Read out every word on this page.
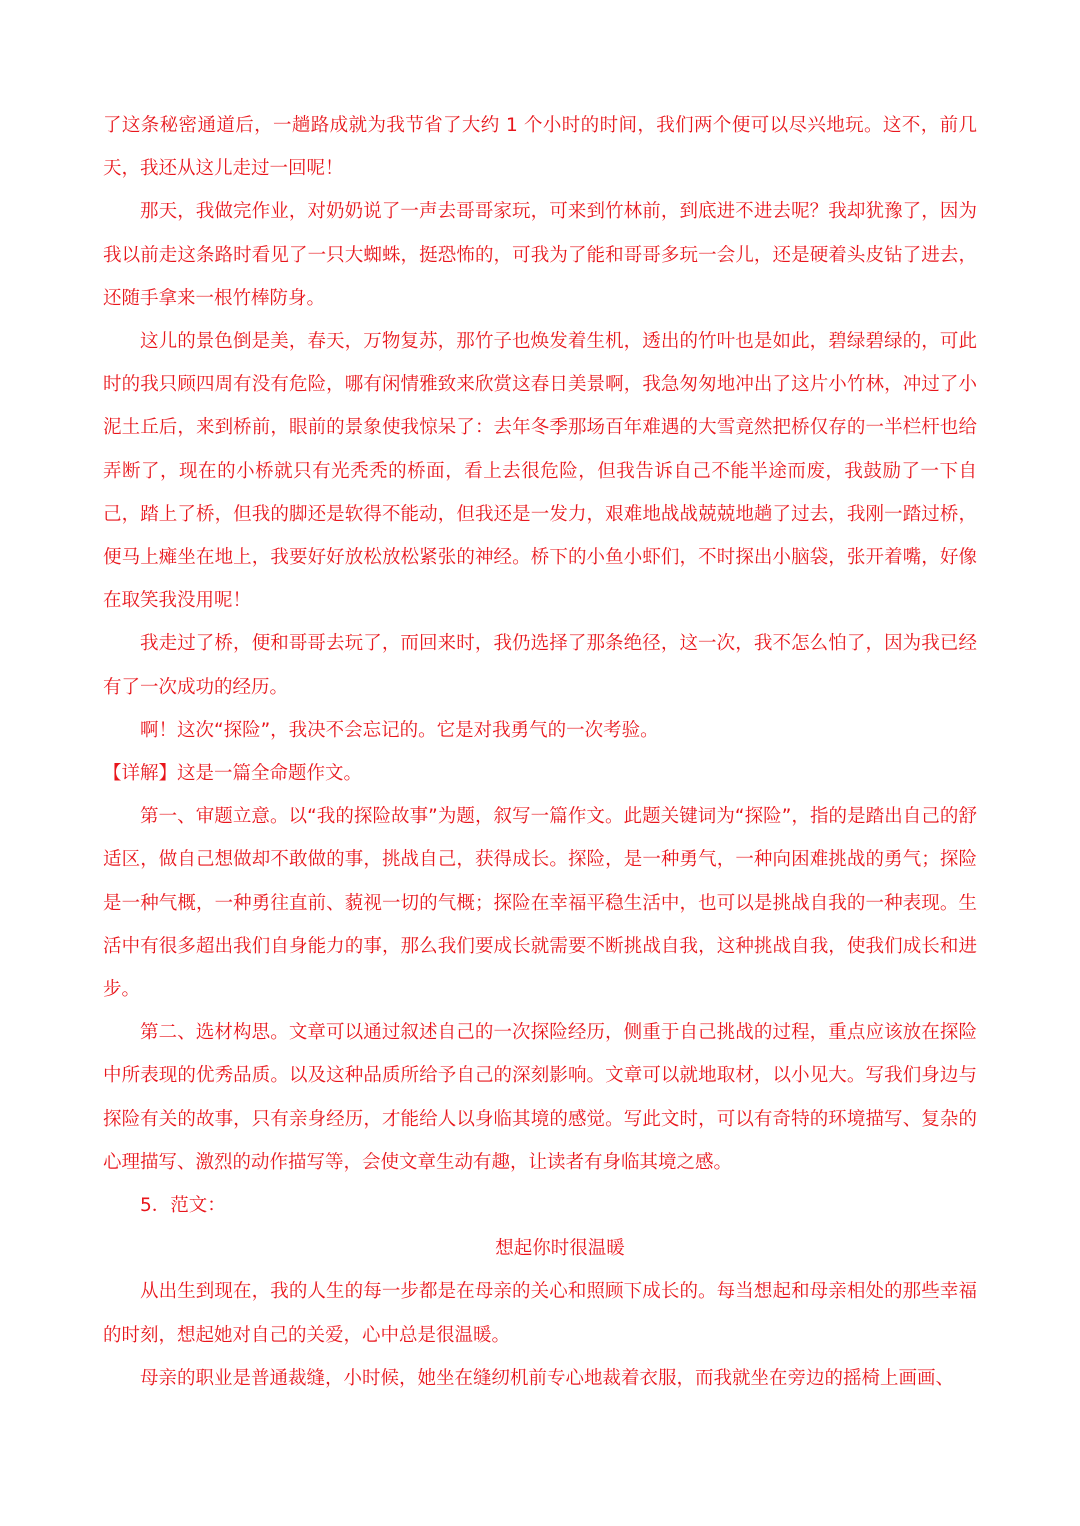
了这条秘密通道后，一趟路成就为我节省了大约 1 个小时的时间，我们两个便可以尽兴地玩。这不，前几天，我还从这儿走过一回呢！

那天，我做完作业，对奶奶说了一声去哥哥家玩，可来到竹林前，到底进不进去呢？我却犹豫了，因为我以前走这条路时看见了一只大蜘蛛，挺恐怖的，可我为了能和哥哥多玩一会儿，还是硬着头皮钻了进去，还随手拿来一根竹棒防身。

这儿的景色倒是美，春天，万物复苏，那竹子也焕发着生机，透出的竹叶也是如此，碧绿碧绿的，可此时的我只顾四周有没有危险，哪有闲情雅致来欣赏这春日美景啊，我急匆匆地冲出了这片小竹林，冲过了小泥土丘后，来到桥前，眼前的景象使我惊呆了：去年冬季那场百年难遇的大雪竟然把桥仅存的一半栏杆也给弄断了，现在的小桥就只有光秃秃的桥面，看上去很危险，但我告诉自己不能半途而废，我鼓励了一下自己，踏上了桥，但我的脚还是软得不能动，但我还是一发力，艰难地战战兢兢地趟了过去，我刚一踏过桥，便马上瘫坐在地上，我要好好放松放松紧张的神经。桥下的小鱼小虾们，不时探出小脑袋，张开着嘴，好像在取笑我没用呢！

我走过了桥，便和哥哥去玩了，而回来时，我仍选择了那条绝径，这一次，我不怎么怕了，因为我已经有了一次成功的经历。

啊！这次“探险”，我决不会忘记的。它是对我勇气的一次考验。

【详解】这是一篇全命题作文。

第一、审题立意。以“我的探险故事”为题，叙写一篇作文。此题关键词为“探险”，指的是踏出自己的舒适区，做自己想做却不敢做的事，挑战自己，获得成长。探险，是一种勇气，一种向困难挑战的勇气；探险是一种气概，一种勇往直前、藐视一切的气概；探险在幸福平稳生活中，也可以是挑战自我的一种表现。生活中有很多超出我们自身能力的事，那么我们要成长就需要不断挑战自我，这种挑战自我，使我们成长和进步。

第二、选材构思。文章可以通过叙述自己的一次探险经历，侧重于自己挑战的过程，重点应该放在探险中所表现的优秀品质。以及这种品质所给予自己的深刻影响。文章可以就地取材，以小见大。写我们身边与探险有关的故事，只有亲身经历，才能给人以身临其境的感觉。写此文时，可以有奇特的环境描写、复杂的心理描写、激烈的动作描写等，会使文章生动有趣，让读者有身临其境之感。

5．范文：

想起你时很温暖

从出生到现在，我的人生的每一步都是在母亲的关心和照顾下成长的。每当想起和母亲相处的那些幸福的时刻，想起她对自己的关爱，心中总是很温暖。

母亲的职业是普通裁缝，小时候，她坐在缝纫机前专心地裁着衣服，而我就坐在旁边的摇椅上画画、
